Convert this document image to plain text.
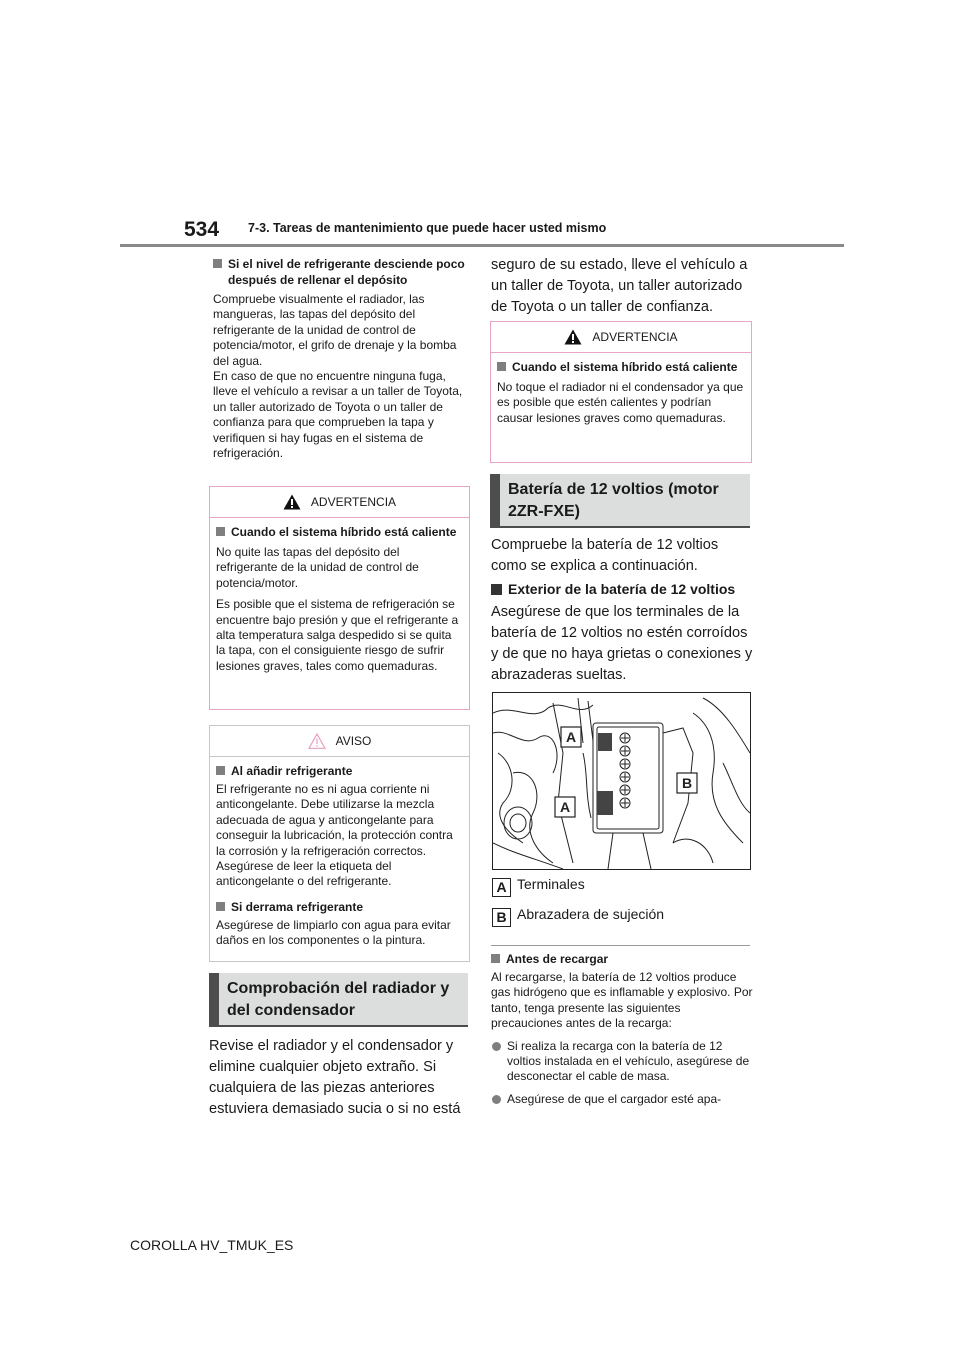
534 7-3. Tareas de mantenimiento que puede hacer usted mismo
Si el nivel de refrigerante desciende poco después de rellenar el depósito

Compruebe visualmente el radiador, las mangueras, las tapas del depósito del refrigerante de la unidad de control de potencia/motor, el grifo de drenaje y la bomba del agua.

En caso de que no encuentre ninguna fuga, lleve el vehículo a revisar a un taller de Toyota, un taller autorizado de Toyota o un taller de confianza para que comprueben la tapa y verifiquen si hay fugas en el sistema de refrigeración.

ADVERTENCIA
Cuando el sistema híbrido está caliente

No quite las tapas del depósito del refrigerante de la unidad de control de potencia/motor.

Es posible que el sistema de refrigeración se encuentre bajo presión y que el refrigerante a alta temperatura salga despedido si se quita la tapa, con el consiguiente riesgo de sufrir lesiones graves, tales como quemaduras.

AVISO
Al añadir refrigerante

El refrigerante no es ni agua corriente ni anticongelante. Debe utilizarse la mezcla adecuada de agua y anticongelante para conseguir la lubricación, la protección contra la corrosión y la refrigeración correctos. Asegúrese de leer la etiqueta del anticongelante o del refrigerante.

Si derrama refrigerante

Asegúrese de limpiarlo con agua para evitar daños en los componentes o la pintura.

Comprobación del radiador y del condensador

Revise el radiador y el condensador y elimine cualquier objeto extraño. Si cualquiera de las piezas anteriores estuviera demasiado sucia o si no está

seguro de su estado, lleve el vehículo a un taller de Toyota, un taller autorizado de Toyota o un taller de confianza.

ADVERTENCIA
Cuando el sistema híbrido está caliente

No toque el radiador ni el condensador ya que es posible que estén calientes y podrían causar lesiones graves como quemaduras.

Batería de 12 voltios (motor 2ZR-FXE)

Compruebe la batería de 12 voltios como se explica a continuación.

Exterior de la batería de 12 voltios

Asegúrese de que los terminales de la batería de 12 voltios no estén corroídos y de que no haya grietas o conexiones y abrazaderas sueltas.

A
A
B
A Terminales
B Abrazadera de sujeción
Antes de recargar

Al recargarse, la batería de 12 voltios produce gas hidrógeno que es inflamable y explosivo. Por tanto, tenga presente las siguientes precauciones antes de la recarga:

Si realiza la recarga con la batería de 12 voltios instalada en el vehículo, asegúrese de desconectar el cable de masa.
Asegúrese de que el cargador esté apa-
COROLLA HV_TMUK_ES
